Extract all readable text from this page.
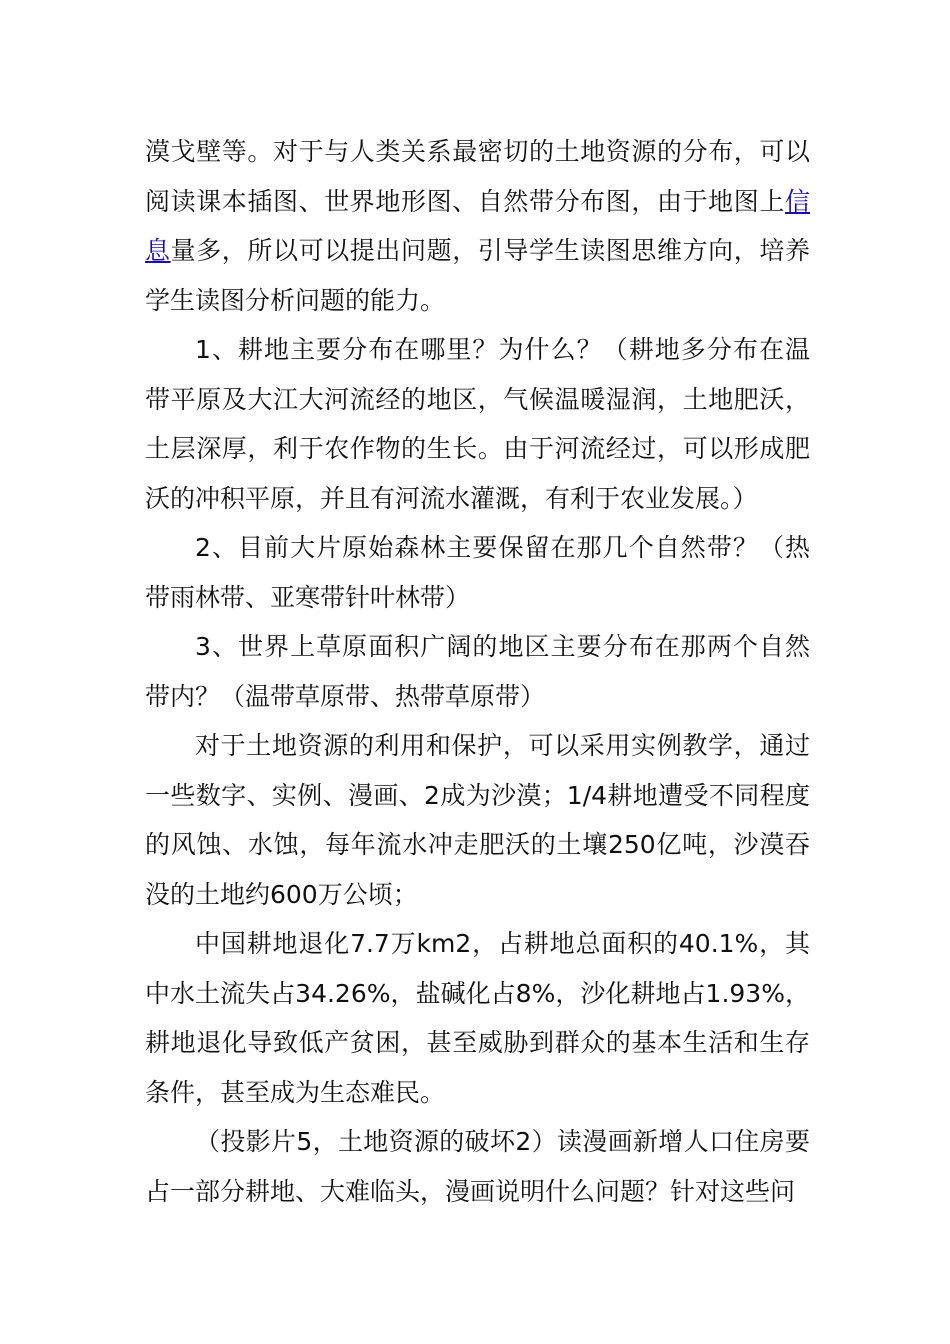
漠戈壁等。对于与人类关系最密切的土地资源的分布，可以阅读课本插图、世界地形图、自然带分布图，由于地图上信息量多，所以可以提出问题，引导学生读图思维方向，培养学生读图分析问题的能力。

1、耕地主要分布在哪里？为什么？（耕地多分布在温带平原及大江大河流经的地区，气候温暖湿润，土地肥沃，土层深厚，利于农作物的生长。由于河流经过，可以形成肥沃的冲积平原，并且有河流水灌溉，有利于农业发展。）

2、目前大片原始森林主要保留在那几个自然带？（热带雨林带、亚寒带针叶林带）

3、世界上草原面积广阔的地区主要分布在那两个自然带内？（温带草原带、热带草原带）

对于土地资源的利用和保护，可以采用实例教学，通过一些数字、实例、漫画、2成为沙漠；1/4耕地遭受不同程度的风蚀、水蚀，每年流水冲走肥沃的土壤250亿吨，沙漠吞没的土地约600万公顷；

中国耕地退化7.7万km2，占耕地总面积的40.1%，其中水土流失占34.26%，盐碱化占8%，沙化耕地占1.93%，耕地退化导致低产贫困，甚至威胁到群众的基本生活和生存条件，甚至成为生态难民。

（投影片5，土地资源的破坏2）读漫画新增人口住房要占一部分耕地、大难临头，漫画说明什么问题？针对这些问
